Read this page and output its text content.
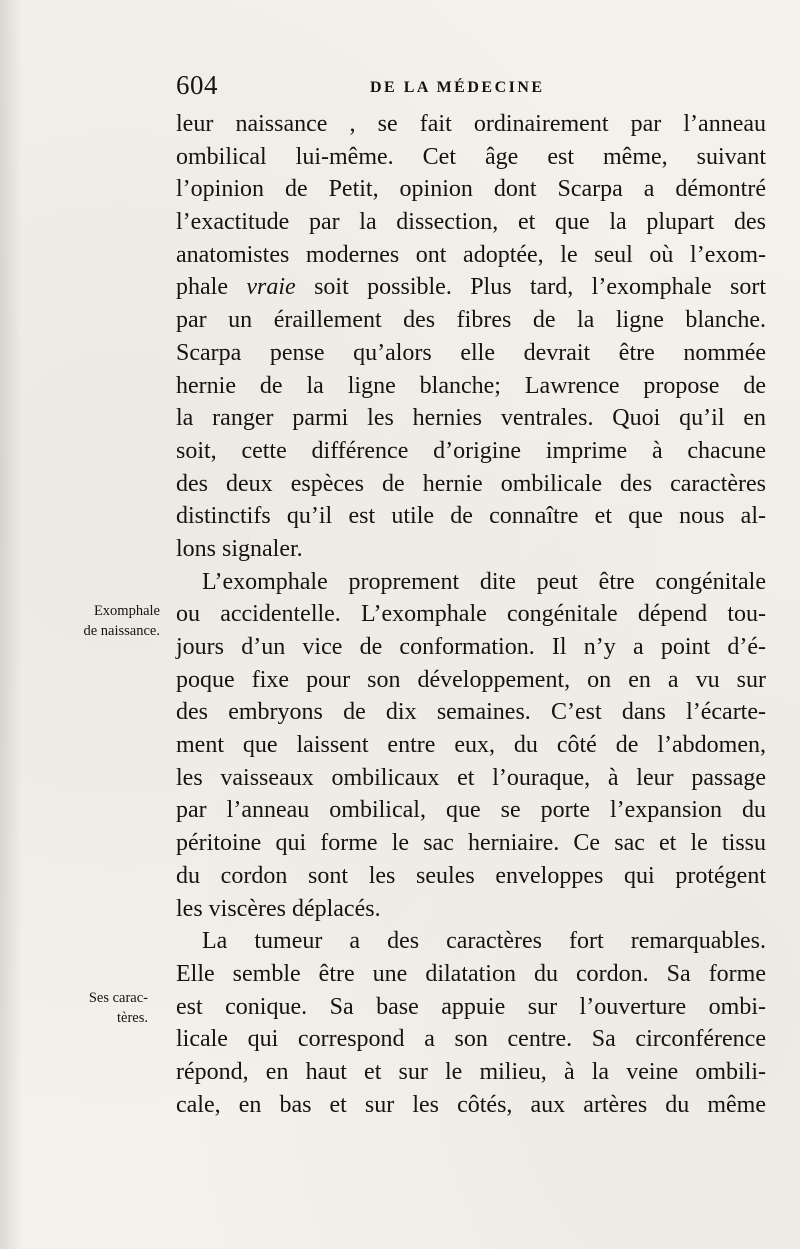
604	DE LA MÉDECINE
Exomphale
de naissance.
Ses carac-
tères.
leur naissance , se fait ordinairement par l’anneau
ombilical lui-même. Cet âge est même, suivant
l’opinion de Petit, opinion dont Scarpa a démontré
l’exactitude par la dissection, et que la plupart des
anatomistes modernes ont adoptée, le seul où l’exom-
phale vraie soit possible. Plus tard, l’exomphale sort
par un éraillement des fibres de la ligne blanche.
Scarpa pense qu’alors elle devrait être nommée
hernie de la ligne blanche; Lawrence propose de
la ranger parmi les hernies ventrales. Quoi qu’il en
soit, cette différence d’origine imprime à chacune
des deux espèces de hernie ombilicale des caractères
distinctifs qu’il est utile de connaître et que nous al-
lons signaler.
L’exomphale proprement dite peut être congénitale
ou accidentelle. L’exomphale congénitale dépend tou-
jours d’un vice de conformation. Il n’y a point d’é-
poque fixe pour son développement, on en a vu sur
des embryons de dix semaines. C’est dans l’écarte-
ment que laissent entre eux, du côté de l’abdomen,
les vaisseaux ombilicaux et l’ouraque, à leur passage
par l’anneau ombilical, que se porte l’expansion du
péritoine qui forme le sac herniaire. Ce sac et le tissu
du cordon sont les seules enveloppes qui protégent
les viscères déplacés.
La tumeur a des caractères fort remarquables.
Elle semble être une dilatation du cordon. Sa forme
est conique. Sa base appuie sur l’ouverture ombi-
licale qui correspond a son centre. Sa circonférence
répond, en haut et sur le milieu, à la veine ombili-
cale, en bas et sur les côtés, aux artères du même
